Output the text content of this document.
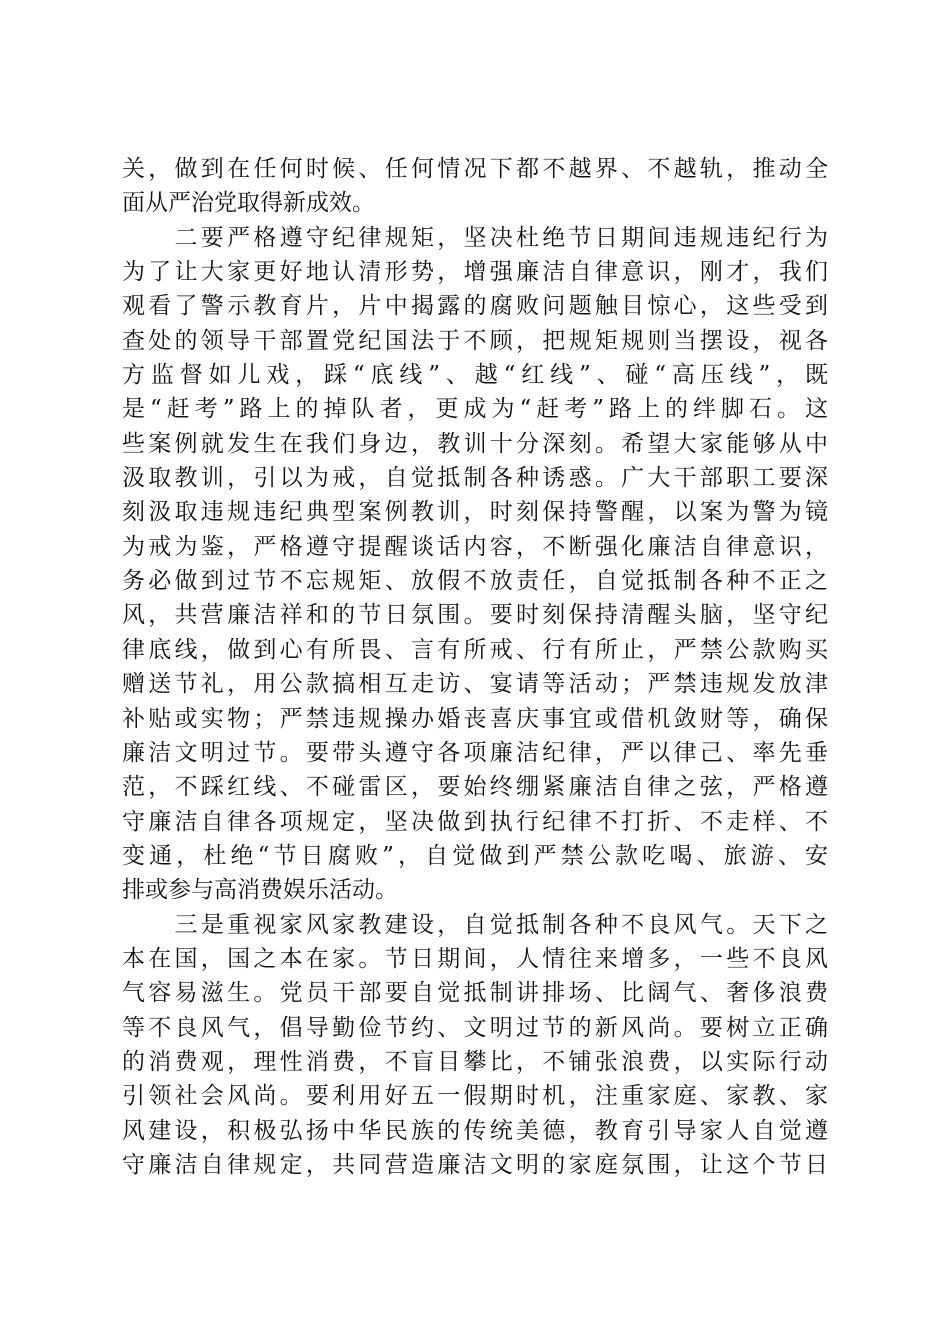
关，做到在任何时候、任何情况下都不越界、不越轨，推动全
面从严治党取得新成效。
　　二要严格遵守纪律规矩，坚决杜绝节日期间违规违纪行为
为了让大家更好地认清形势，增强廉洁自律意识，刚才，我们
观看了警示教育片，片中揭露的腐败问题触目惊心，这些受到
查处的领导干部置党纪国法于不顾，把规矩规则当摆设，视各
方监督如儿戏，踩“底线”、越“红线”、碰“高压线”，既
是“赶考”路上的掉队者，更成为“赶考”路上的绊脚石。这
些案例就发生在我们身边，教训十分深刻。希望大家能够从中
汲取教训，引以为戒，自觉抵制各种诱惑。广大干部职工要深
刻汲取违规违纪典型案例教训，时刻保持警醒，以案为警为镜
为戒为鉴，严格遵守提醒谈话内容，不断强化廉洁自律意识，
务必做到过节不忘规矩、放假不放责任，自觉抵制各种不正之
风，共营廉洁祥和的节日氛围。要时刻保持清醒头脑，坚守纪
律底线，做到心有所畏、言有所戒、行有所止，严禁公款购买
赠送节礼，用公款搞相互走访、宴请等活动；严禁违规发放津
补贴或实物；严禁违规操办婚丧喜庆事宜或借机敛财等，确保
廉洁文明过节。要带头遵守各项廉洁纪律，严以律己、率先垂
范，不踩红线、不碰雷区，要始终绷紧廉洁自律之弦，严格遵
守廉洁自律各项规定，坚决做到执行纪律不打折、不走样、不
变通，杜绝“节日腐败”，自觉做到严禁公款吃喝、旅游、安
排或参与高消费娱乐活动。
　　三是重视家风家教建设，自觉抵制各种不良风气。天下之
本在国，国之本在家。节日期间，人情往来增多，一些不良风
气容易滋生。党员干部要自觉抵制讲排场、比阔气、奢侈浪费
等不良风气，倡导勤俭节约、文明过节的新风尚。要树立正确
的消费观，理性消费，不盲目攀比，不铺张浪费，以实际行动
引领社会风尚。要利用好五一假期时机，注重家庭、家教、家
风建设，积极弘扬中华民族的传统美德，教育引导家人自觉遵
守廉洁自律规定，共同营造廉洁文明的家庭氛围，让这个节日
